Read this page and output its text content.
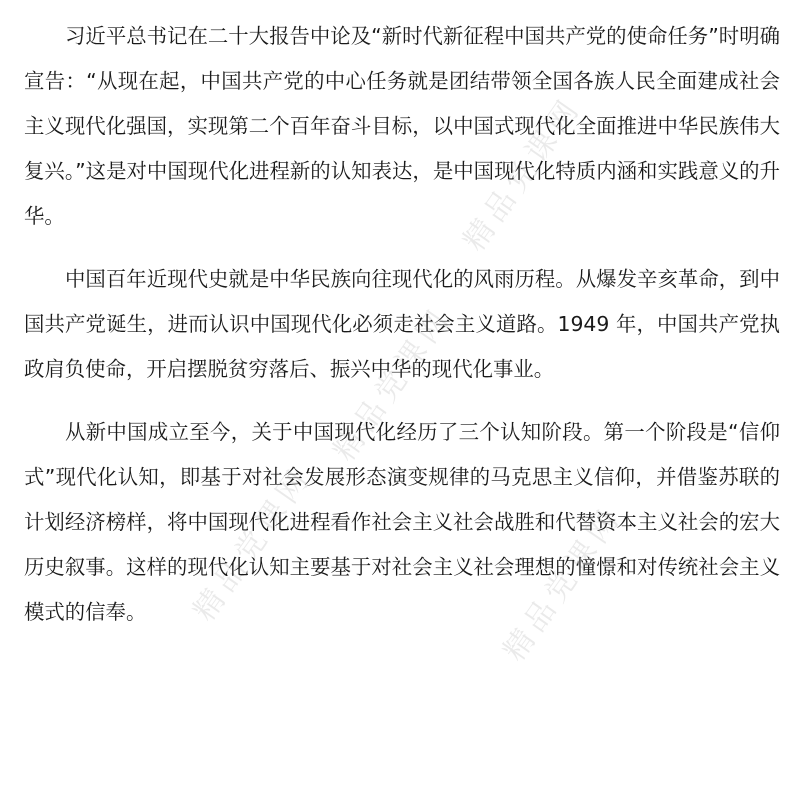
精品党课网
精品党课网
精品党课网
精品党课网

习近平总书记在二十大报告中论及“新时代新征程中国共产党的使命任务”时明确宣告：“从现在起，中国共产党的中心任务就是团结带领全国各族人民全面建成社会主义现代化强国，实现第二个百年奋斗目标，以中国式现代化全面推进中华民族伟大复兴。”这是对中国现代化进程新的认知表达，是中国现代化特质内涵和实践意义的升华。

中国百年近现代史就是中华民族向往现代化的风雨历程。从爆发辛亥革命，到中国共产党诞生，进而认识中国现代化必须走社会主义道路。1949 年，中国共产党执政肩负使命，开启摆脱贫穷落后、振兴中华的现代化事业。

从新中国成立至今，关于中国现代化经历了三个认知阶段。第一个阶段是“信仰式”现代化认知，即基于对社会发展形态演变规律的马克思主义信仰，并借鉴苏联的计划经济榜样，将中国现代化进程看作社会主义社会战胜和代替资本主义社会的宏大历史叙事。这样的现代化认知主要基于对社会主义社会理想的憧憬和对传统社会主义模式的信奉。
